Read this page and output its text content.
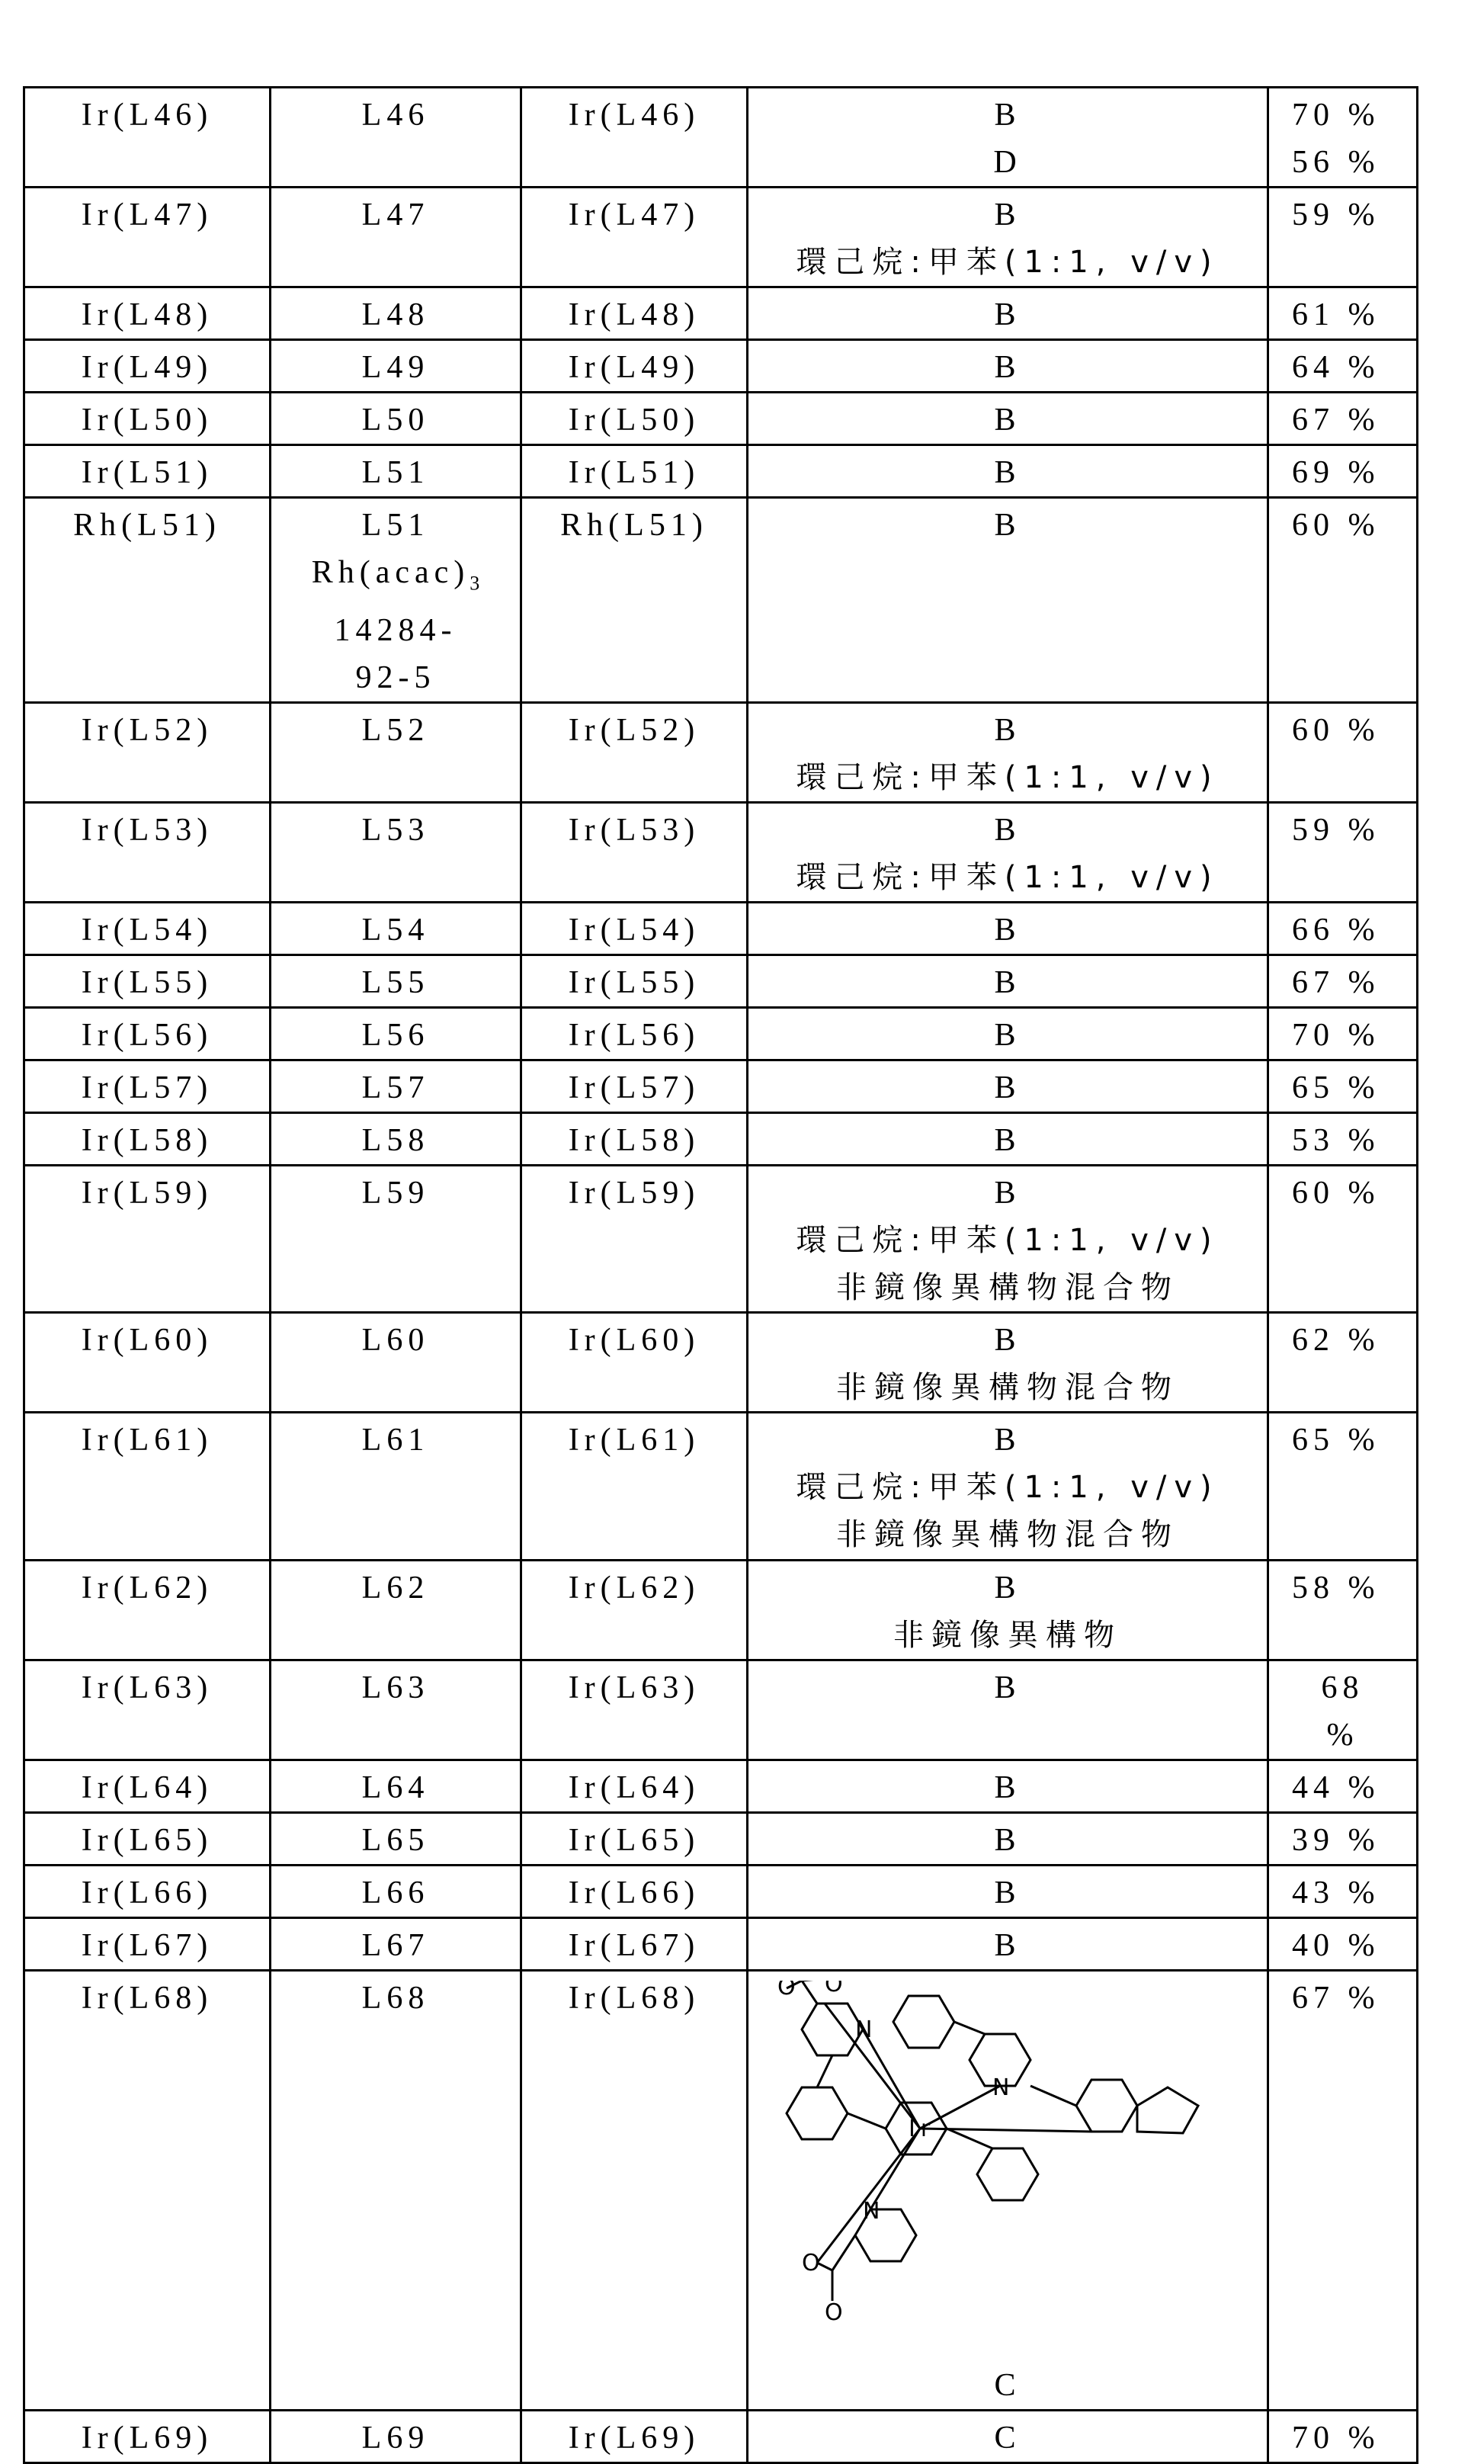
Ir(L46)	L46	Ir(L46)	B
D

70 %
56 %

Ir(L47)	L47	Ir(L47)	B
環己烷:甲苯(1:1, v/v)

59 %

Ir(L48)	L48	Ir(L48)	B	61 %

Ir(L49)	L49	Ir(L49)	B	64 %

Ir(L50)	L50	Ir(L50)	B	67 %

Ir(L51)	L51	Ir(L51)	B	69 %

Rh(L51)	L51
Rh(acac)3
14284-
92-5

Rh(L51)	B	60 %

Ir(L52)	L52	Ir(L52)	B
環己烷:甲苯(1:1, v/v)

60 %

Ir(L53)	L53	Ir(L53)	B
環己烷:甲苯(1:1, v/v)

59 %

Ir(L54)	L54	Ir(L54)	B	66 %

Ir(L55)	L55	Ir(L55)	B	67 %

Ir(L56)	L56	Ir(L56)	B	70 %

Ir(L57)	L57	Ir(L57)	B	65 %

Ir(L58)	L58	Ir(L58)	B	53 %

Ir(L59)	L59	Ir(L59)	B
環己烷:甲苯(1:1, v/v)
非鏡像異構物混合物

60 %

Ir(L60)	L60	Ir(L60)	B
非鏡像異構物混合物

62 %

Ir(L61)	L61	Ir(L61)	B
環己烷:甲苯(1:1, v/v)
非鏡像異構物混合物

65 %

Ir(L62)	L62	Ir(L62)	B
非鏡像異構物

58 %

Ir(L63)	L63	Ir(L63)	B	68
%

Ir(L64)	L64	Ir(L64)	B	44 %

Ir(L65)	L65	Ir(L65)	B	39 %

Ir(L66)	L66	Ir(L66)	B	43 %

Ir(L67)	L67	Ir(L67)	B	40 %

Ir(L68)	L68	Ir(L68)	O O
N
Ir
N
N
O
O
C

67 %

Ir(L69)	L69	Ir(L69)	C	70 %
